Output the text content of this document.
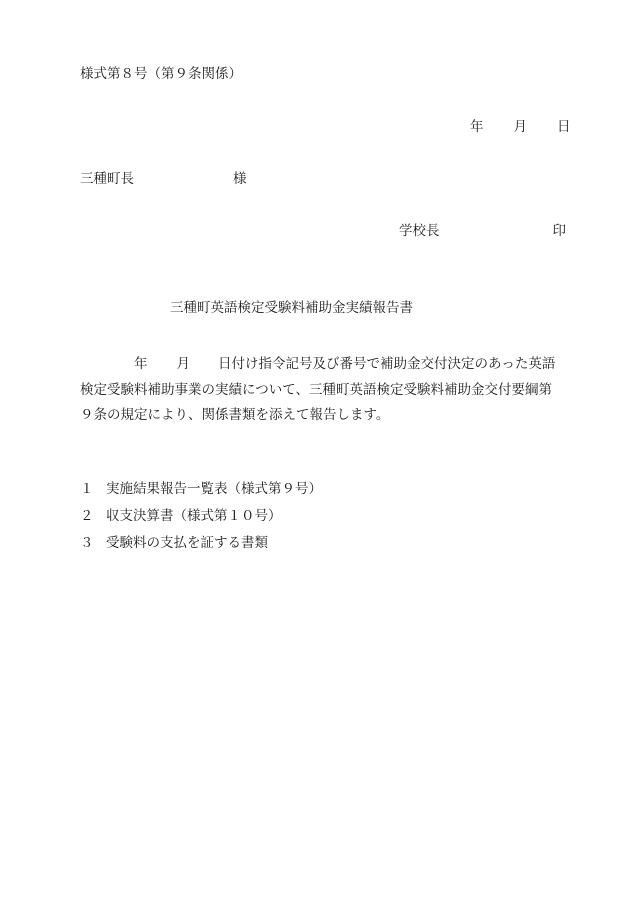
様式第８号（第９条関係）
年 月 日
三種町長	様
学校長	印
三種町英語検定受験料補助金実績報告書
年 月 日付け指令記号及び番号で補助金交付決定のあった英語
検定受験料補助事業の実績について、三種町英語検定受験料補助金交付要綱第
９条の規定により、関係書類を添えて報告します。
１ 実施結果報告一覧表（様式第９号）
２ 収支決算書（様式第１０号）
３ 受験料の支払を証する書類
